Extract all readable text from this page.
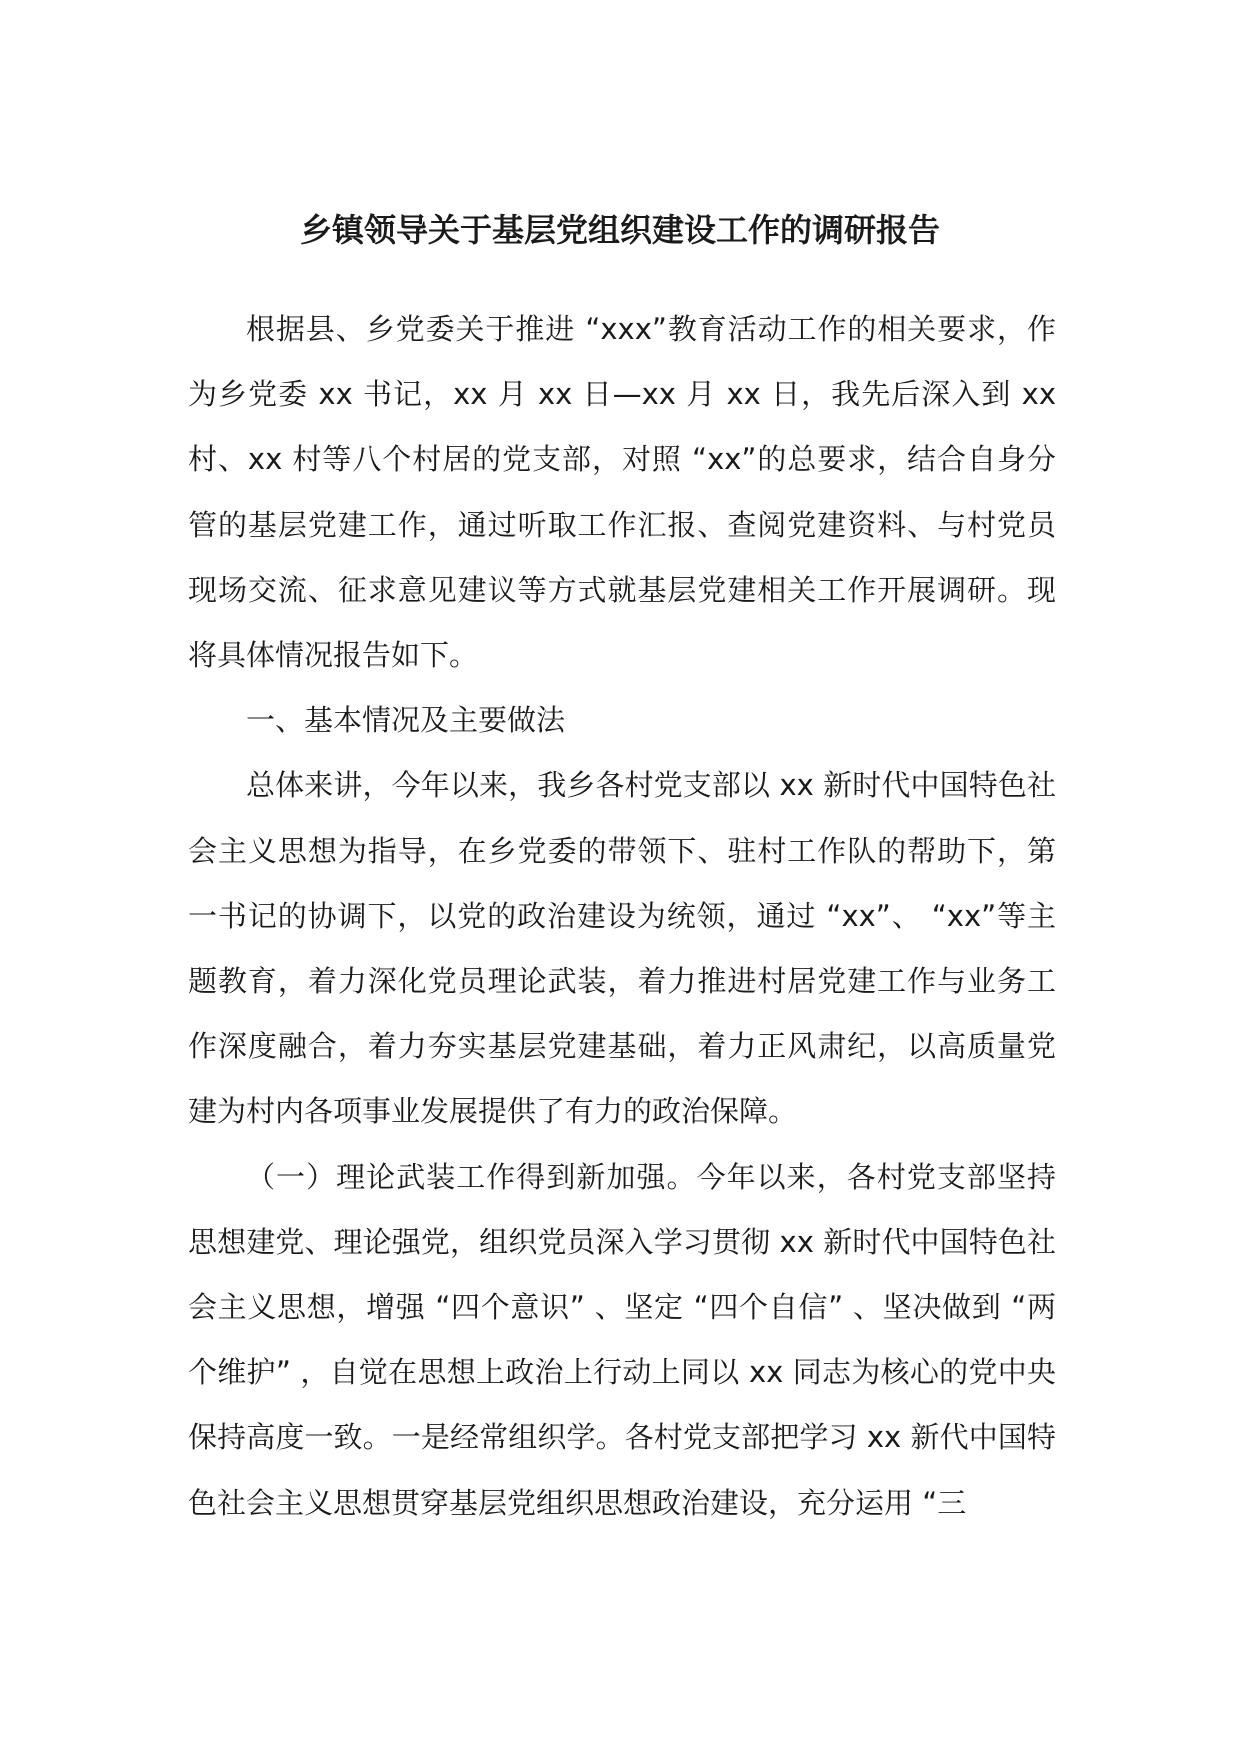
乡镇领导关于基层党组织建设工作的调研报告

根据县、乡党委关于推进 “xxx”教育活动工作的相关要求，作为乡党委 xx 书记，xx 月 xx 日—xx 月 xx 日，我先后深入到 xx 村、xx 村等八个村居的党支部，对照 “xx”的总要求，结合自身分管的基层党建工作，通过听取工作汇报、查阅党建资料、与村党员现场交流、征求意见建议等方式就基层党建相关工作开展调研。现将具体情况报告如下。

一、基本情况及主要做法

总体来讲，今年以来，我乡各村党支部以 xx 新时代中国特色社会主义思想为指导，在乡党委的带领下、驻村工作队的帮助下，第一书记的协调下，以党的政治建设为统领，通过 “xx”、 “xx”等主题教育，着力深化党员理论武装，着力推进村居党建工作与业务工作深度融合，着力夯实基层党建基础，着力正风肃纪，以高质量党建为村内各项事业发展提供了有力的政治保障。

（一）理论武装工作得到新加强。今年以来，各村党支部坚持思想建党、理论强党，组织党员深入学习贯彻 xx 新时代中国特色社会主义思想，增强 “四个意识” 、坚定 “四个自信” 、坚决做到 “两个维护” ，自觉在思想上政治上行动上同以 xx 同志为核心的党中央保持高度一致。一是经常组织学。各村党支部把学习 xx 新代中国特色社会主义思想贯穿基层党组织思想政治建设，充分运用 “三
